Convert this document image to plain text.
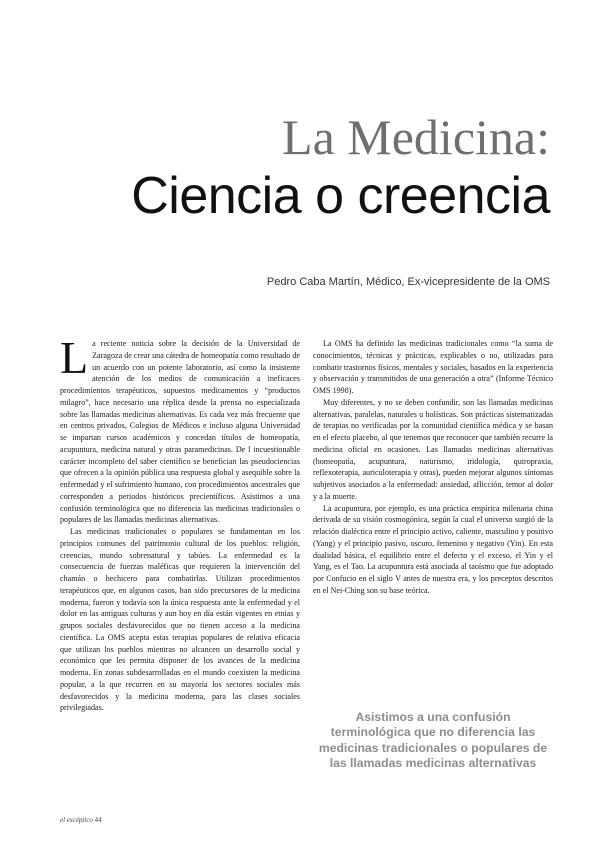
La Medicina:
Ciencia o creencia
Pedro Caba Martín, Médico, Ex-vicepresidente de la OMS

La reciente noticia sobre la decisión de la Universidad de Zaragoza de crear una cátedra de homeopatía como resultado de un acuerdo con un potente laboratorio, así como la insistente atención de los medios de comunicación a ineficaces procedimientos terapéuticos, supuestos medicamentos y “productos milagro”, hace necesario una réplica desde la prensa no especializada sobre las llamadas medicinas alternativas. Es cada vez más frecuente que en centros privados, Colegios de Médicos e incluso alguna Universidad se impartan cursos académicos y concedan títulos de homeopatía, acupuntura, medicina natural y otras paramedicinas. De l incuestionable carácter incompleto del saber científico se benefician las pseudociencias que ofrecen a la opinión pública una respuesta global y asequible sobre la enfermedad y el sufrimiento humano, con procedimientos ancestrales que corresponden a periodos históricos precientíficos. Asistimos a una confusión terminológica que no diferencia las medicinas tradicionales o populares de las llamadas medicinas alternativas.

Las medicinas tradicionales o populares se fundamentan en los principios comunes del patrimonio cultural de los pueblos: religión, creencias, mundo sobrenatural y tabúes. La enfermedad es la consecuencia de fuerzas maléficas que requieren la intervención del chamán o hechicero para combatirlas. Utilizan procedimientos terapéuticos que, en algunos casos, han sido precursores de la medicina moderna, fueron y todavía son la única respuesta ante la enfermedad y el dolor en las antiguas culturas y aun hoy en día están vigentes en etnias y grupos sociales desfavorecidos que no tienen acceso a la medicina científica. La OMS acepta estas terapias populares de relativa eficacia que utilizan los pueblos mientras no alcancen un desarrollo social y económico que les permita disponer de los avances de la medicina moderna. En zonas subdesarrolladas en el mundo coexisten la medicina popular, a la que recurren en su mayoría los sectores sociales más desfavorecidos y la medicina moderna, para las clases sociales privilegiadas.

La OMS ha definido las medicinas tradicionales como “la suma de conocimientos, técnicas y prácticas, explicables o no, utilizadas para combatir trastornos físicos, mentales y sociales, basados en la experiencia y observación y transmitidos de una generación a otra” (Informe Técnico OMS 1998).

Muy diferentes, y no se deben confundir, son las llamadas medicinas alternativas, paralelas, naturales u holísticas. Son prácticas sistematizadas de terapias no verificadas por la comunidad científica médica y se basan en el efecto placebo, al que tenemos que reconocer que también recurre la medicina oficial en ocasiones. Las llamadas medicinas alternativas (homeopatía, acupuntura, naturismo, iridología, quiropraxia, reflexoterapia, auriculoterapia y otras), pueden mejorar algunos síntomas subjetivos asociados a la enfermedad: ansiedad, aflicción, temor al dolor y a la muerte.

La acupuntura, por ejemplo, es una práctica empírica milenaria china derivada de su visión cosmogónica, según la cual el universo surgió de la relación dialéctica entre el principio activo, caliente, masculino y positivo (Yang) y el principio pasivo, oscuro, femenino y negativo (Yin). En esta dualidad básica, el equilibrio entre el defecto y el exceso, el Yin y el Yang, es el Tao. La acupuntura está asociada al taoísmo que fue adoptado por Confucio en el siglo V antes de nuestra era, y los preceptos descritos en el Nei-Ching son su base teórica.

Asistimos a una confusión terminológica que no diferencia las medicinas tradicionales o populares de las llamadas medicinas alternativas
el escéptico 44
